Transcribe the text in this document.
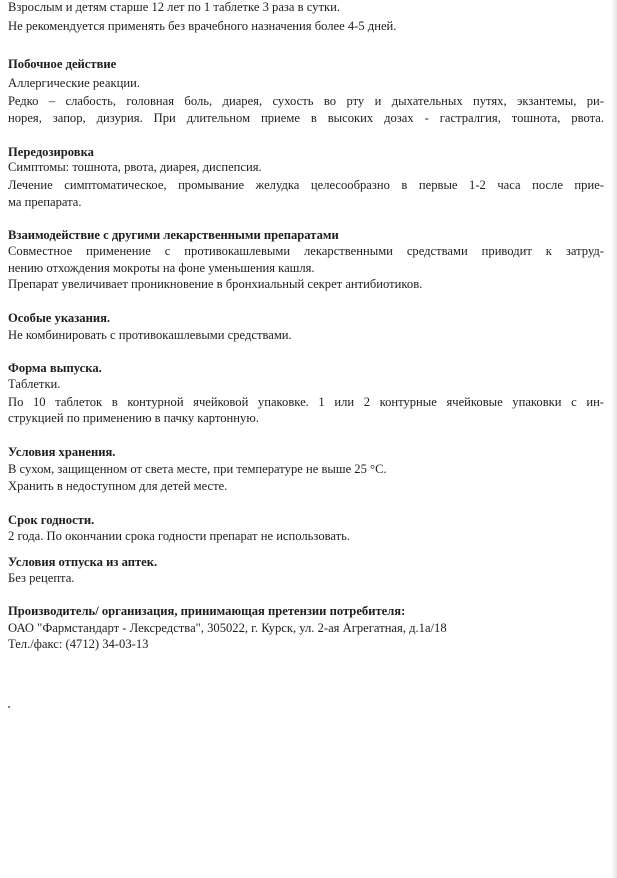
Взрослым и детям старше 12 лет по 1 таблетке 3 раза в сутки.
Не рекомендуется применять без врачебного назначения более 4-5 дней.
Побочное действие
Аллергические реакции.
Редко – слабость, головная боль, диарея, сухость во рту и дыхательных путях, экзантемы, ри-
норея, запор, дизурия. При длительном приеме в высоких дозах - гастралгия, тошнота, рвота.
Передозировка
Симптомы: тошнота, рвота, диарея, диспепсия.
Лечение симптоматическое, промывание желудка целесообразно в первые 1-2 часа после прие-
ма препарата.
Взаимодействие с другими лекарственными препаратами
Совместное применение с противокашлевыми лекарственными средствами приводит к затруд-
нению отхождения мокроты на фоне уменьшения кашля.
Препарат увеличивает проникновение в бронхиальный секрет антибиотиков.
Особые указания.
Не комбинировать с противокашлевыми средствами.
Форма выпуска.
Таблетки.
По 10 таблеток в контурной ячейковой упаковке. 1 или 2 контурные ячейковые упаковки с ин-
струкцией по применению в пачку картонную.
Условия хранения.
В сухом, защищенном от света месте, при температуре не выше 25 °С.
Хранить в недоступном для детей месте.
Срок годности.
2 года. По окончании срока годности препарат не использовать.
Условия отпуска из аптек.
Без рецепта.
Производитель/ организация, принимающая претензии потребителя:
ОАО "Фармстандарт - Лексредства", 305022, г. Курск, ул. 2-ая Агрегатная, д.1а/18
Тел./факс: (4712) 34-03-13
